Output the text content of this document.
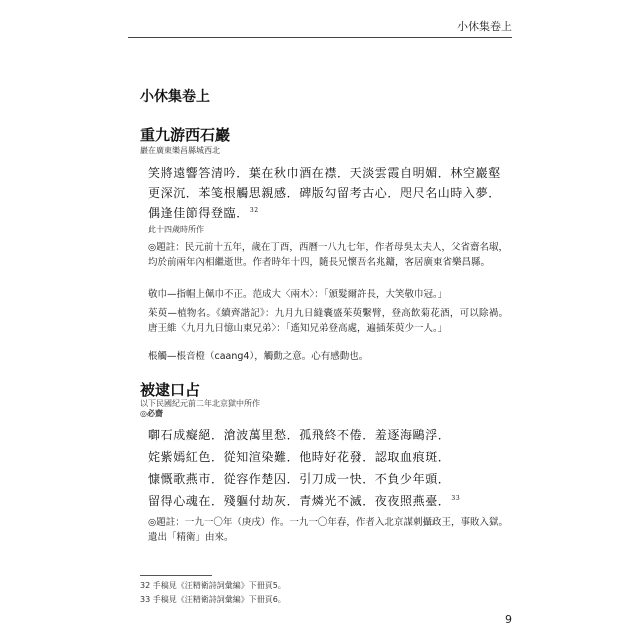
小休集卷上
小休集卷上
重九游西石巖
巖在廣東樂昌縣城西北
笑將遠響答清吟．葉在秋巾酒在襟．天淡雲霞自明媚．林空巖壑
更深沉．苯笺根觸思親感．碑版勾留考古心．咫尺名山時入夢．
偶逢佳節得登臨．$^{32}$
此十四歲時所作
◎題註：民元前十五年，歲在丁酉，西曆一八九七年，作者母吳太夫人，父省齋名琡，均於前兩年內相繼逝世。作者時年十四，隨長兄懷吾名兆鏞，客居廣東省樂昌縣。
敬巾—指帽上佩巾不正。范成大〈兩木〉：「頒髮爾許長，大笑敬巾冠。」
茱萸—植物名。《續齊諧記》：九月九日縫囊盛茱萸繫臂，登高飲菊花酒，可以除禍。唐王維〈九月九日憶山東兄弟〉：「遙知兄弟登高處，遍插茱萸少一人。」
棖觸—棖音橙（caang4），觸動之意。心有感動也。
被逮口占
以下民國紀元前二年北京獄中所作
◎必齋
啣石成癡絕．滄波萬里愁．孤飛終不倦．羞逐海鷗浮．
姹紫嫣紅色．從知渲染難．他時好花發．認取血痕斑．
慷慨歌燕市．從容作楚囚．引刀成一快．不負少年頭．
留得心魂在．殘軀付劫灰．青燐光不滅．夜夜照燕臺．$^{33}$
◎題註：一九一〇年（庚戌）作。一九一〇年春，作者入北京謀刺攝政王，事敗入獄。遺出「精衛」由來。
32 手稿見《汪精衛詩詞彙編》下冊頁5。
33 手稿見《汪精衛詩詞彙編》下冊頁6。
9
